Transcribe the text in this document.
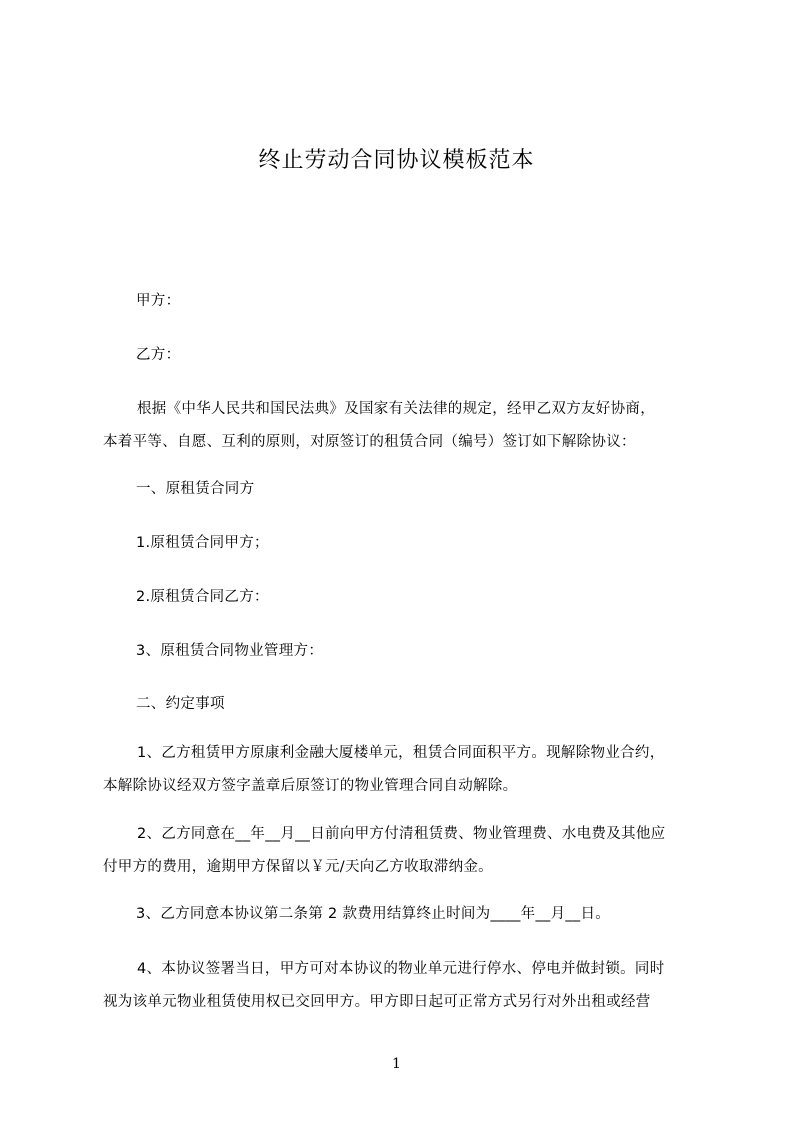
终止劳动合同协议模板范本
甲方：
乙方：
根据《中华人民共和国民法典》及国家有关法律的规定，经甲乙双方友好协商，
本着平等、自愿、互利的原则，对原签订的租赁合同（编号）签订如下解除协议：
一、原租赁合同方
1.原租赁合同甲方；
2.原租赁合同乙方：
3、原租赁合同物业管理方：
二、约定事项
1、乙方租赁甲方原康利金融大厦楼单元，租赁合同面积平方。现解除物业合约，
本解除协议经双方签字盖章后原签订的物业管理合同自动解除。
2、乙方同意在__年__月__日前向甲方付清租赁费、物业管理费、水电费及其他应
付甲方的费用，逾期甲方保留以￥元/天向乙方收取滞纳金。
3、乙方同意本协议第二条第 2 款费用结算终止时间为____年__月__日。
4、本协议签署当日，甲方可对本协议的物业单元进行停水、停电并做封锁。同时
视为该单元物业租赁使用权已交回甲方。甲方即日起可正常方式另行对外出租或经营
1
